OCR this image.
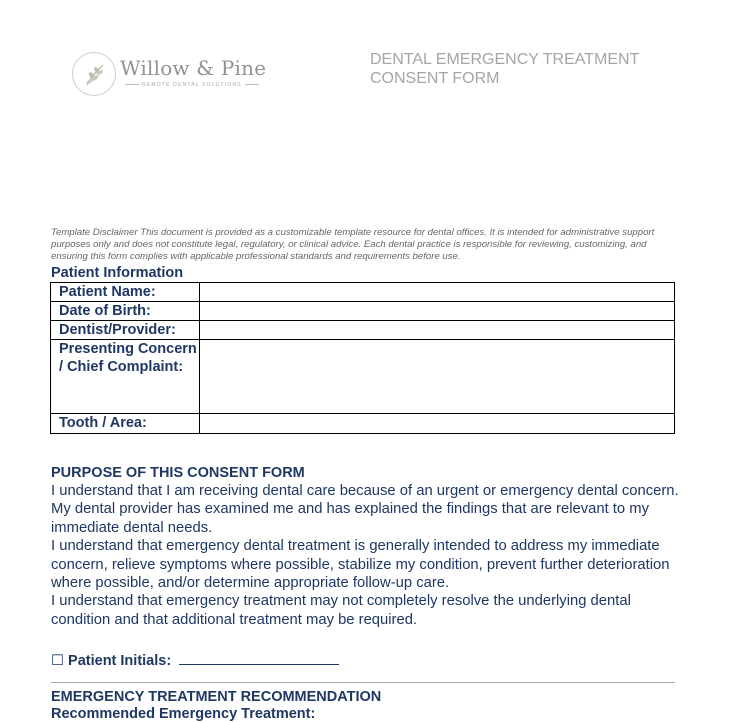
Willow & Pine
REMOTE DENTAL SOLUTIONS
DENTAL EMERGENCY TREATMENT CONSENT FORM
Template Disclaimer This document is provided as a customizable template resource for dental offices. It is intended for administrative support purposes only and does not constitute legal, regulatory, or clinical advice. Each dental practice is responsible for reviewing, customizing, and ensuring this form complies with applicable professional standards and requirements before use.
Patient Information
Patient Name:	
Date of Birth:	
Dentist/Provider:	
Presenting Concern / Chief Complaint:	
Tooth / Area:	
PURPOSE OF THIS CONSENT FORM

I understand that I am receiving dental care because of an urgent or emergency dental concern.

My dental provider has examined me and has explained the findings that are relevant to my immediate dental needs.

I understand that emergency dental treatment is generally intended to address my immediate concern, relieve symptoms where possible, stabilize my condition, prevent further deterioration where possible, and/or determine appropriate follow-up care.

I understand that emergency treatment may not completely resolve the underlying dental condition and that additional treatment may be required.

☐ Patient Initials:
EMERGENCY TREATMENT RECOMMENDATION
Recommended Emergency Treatment:
